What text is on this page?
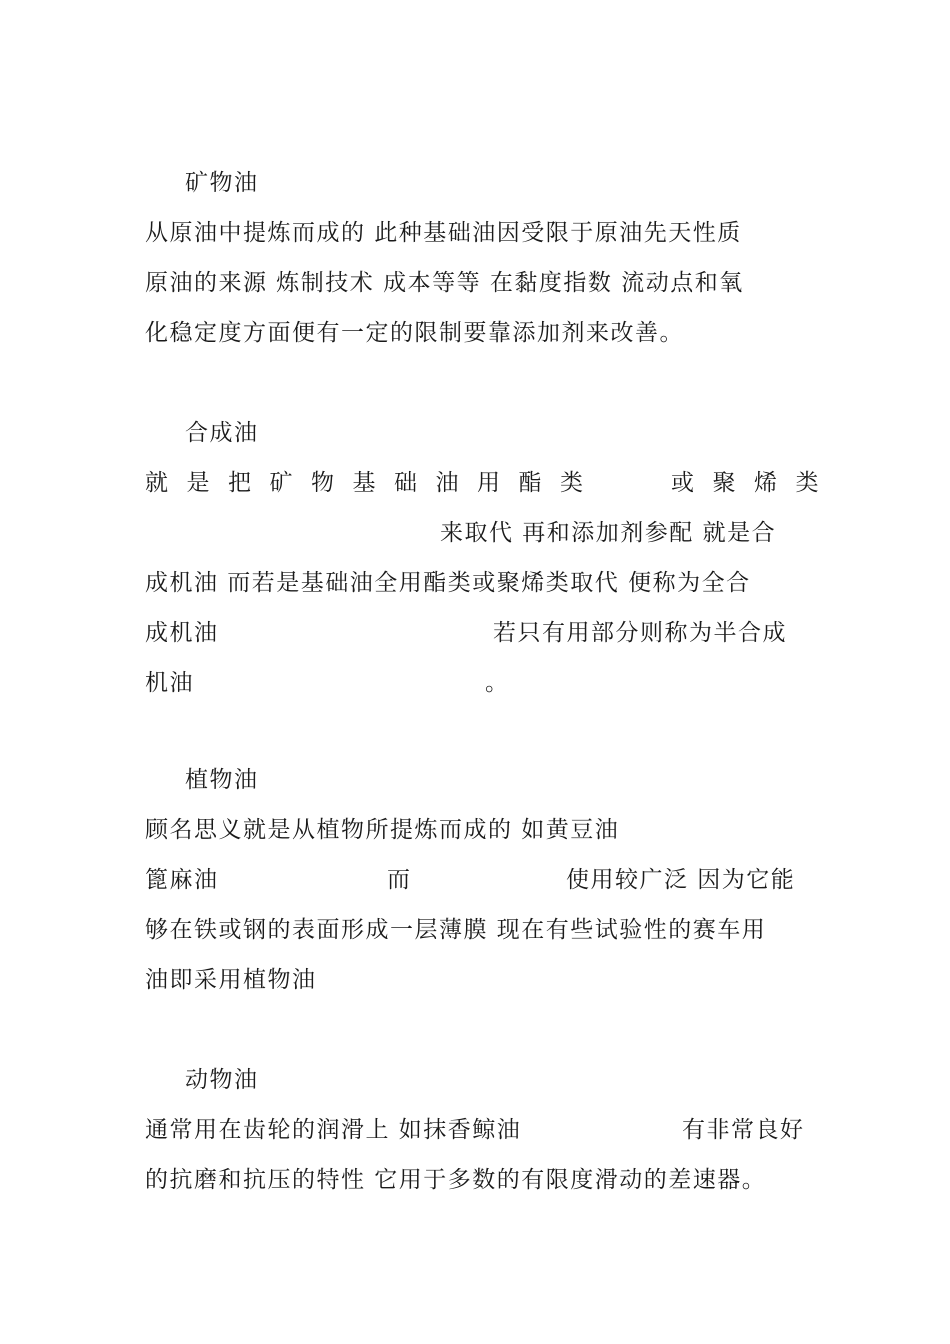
矿物油
从原油中提炼而成的 此种基础油因受限于原油先天性质
原油的来源 炼制技术 成本等等 在黏度指数 流动点和氧
化稳定度方面便有一定的限制要靠添加剂来改善。
合成油
就是把矿物基础油用酯类	或聚烯类
来取代 再和添加剂参配 就是合
成机油 而若是基础油全用酯类或聚烯类取代 便称为全合
成机油	若只有用部分则称为半合成
机油	。
植物油
顾名思义就是从植物所提炼而成的 如黄豆油
篦麻油	而	使用较广泛 因为它能
够在铁或钢的表面形成一层薄膜 现在有些试验性的赛车用
油即采用植物油
动物油
通常用在齿轮的润滑上 如抹香鲸油	有非常良好
的抗磨和抗压的特性 它用于多数的有限度滑动的差速器。
